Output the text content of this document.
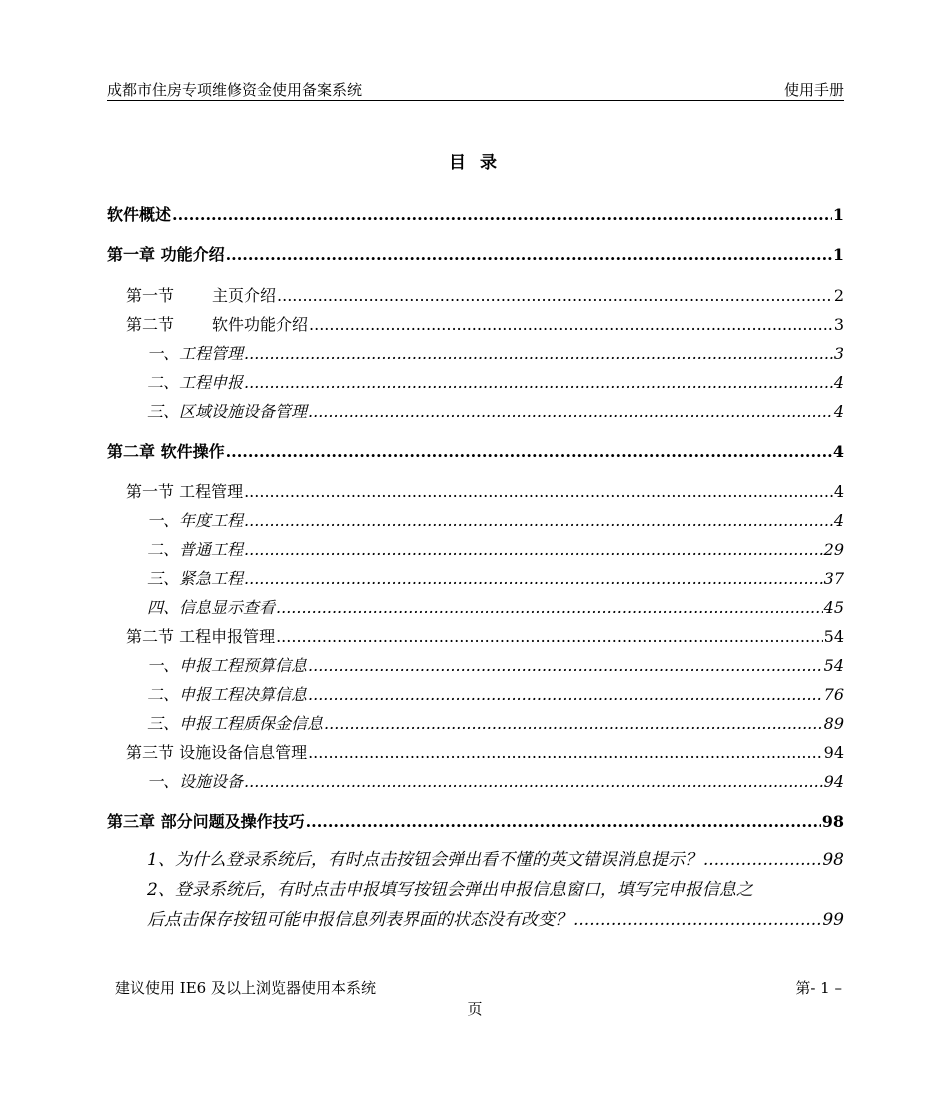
成都市住房专项维修资金使用备案系统	使用手册
目 录
软件概述 .....	1
第一章 功能介绍 .....	1
第一节 主页介绍 .....	2
第二节 软件功能介绍 .....	3
一、工程管理 .....	3
二、工程申报 .....	4
三、区域设施设备管理 .....	4
第二章 软件操作 .....	4
第一节 工程管理 .....	4
一、年度工程 .....	4
二、普通工程 .....	29
三、紧急工程 .....	37
四、信息显示查看 .....	45
第二节 工程申报管理 .....	54
一、申报工程预算信息 .....	54
二、申报工程决算信息 .....	76
三、申报工程质保金信息 .....	89
第三节 设施设备信息管理 .....	94
一、设施设备 .....	94
第三章 部分问题及操作技巧 .....	98
1、为什么登录系统后，有时点击按钮会弹出看不懂的英文错误消息提示？ .....	98
2、登录系统后，有时点击申报填写按钮会弹出申报信息窗口，填写完申报信息之
后点击保存按钮可能申报信息列表界面的状态没有改变？ .....	99
建议使用 IE6 及以上浏览器使用本系统	第- 1 –
页
